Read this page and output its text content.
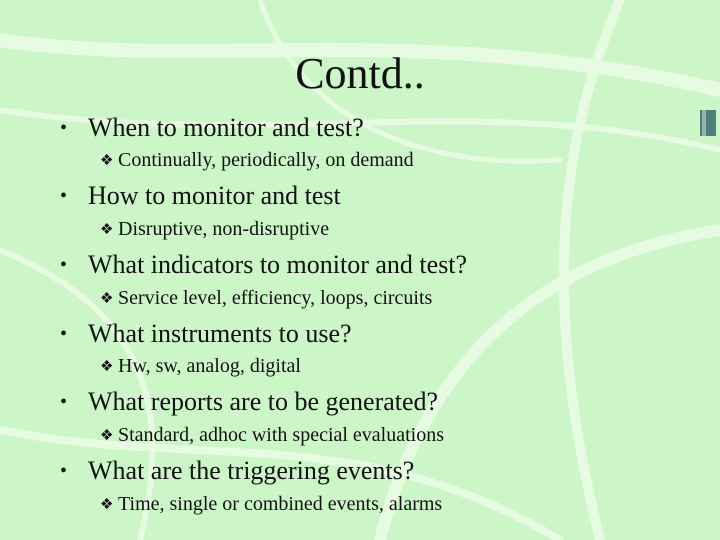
Contd..
• When to monitor and test?
❖ Continually, periodically, on demand
• How to monitor and test
❖ Disruptive, non-disruptive
• What indicators to monitor and test?
❖ Service level, efficiency, loops, circuits
• What instruments to use?
❖ Hw, sw, analog, digital
• What reports are to be generated?
❖ Standard, adhoc with special evaluations
• What are the triggering events?
❖ Time, single or combined events, alarms
